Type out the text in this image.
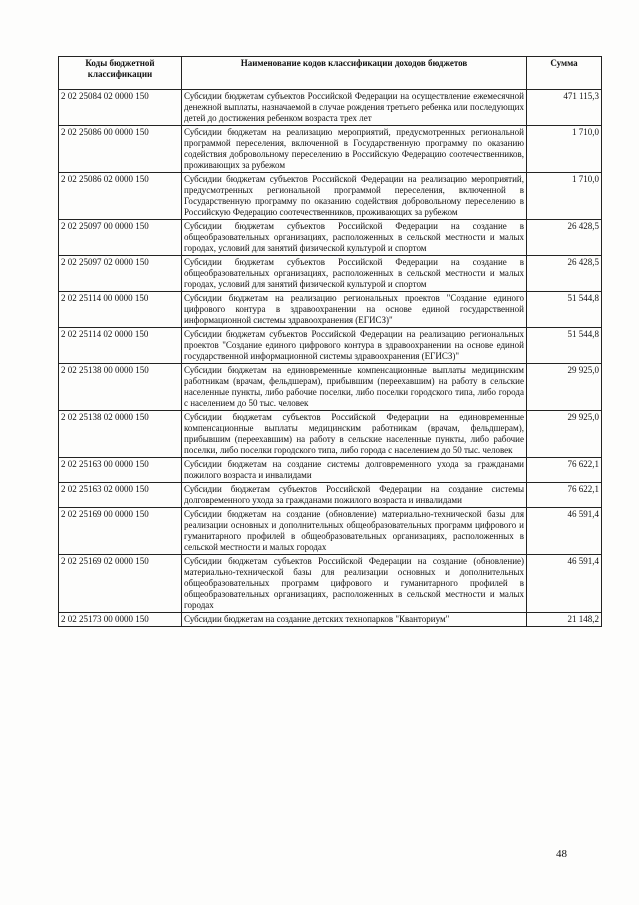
Коды бюджетной классификации	Наименование кодов классификации доходов бюджетов	Сумма
2 02 25084 02 0000 150	Субсидии бюджетам субъектов Российской Федерации на осуществление ежемесячной денежной выплаты, назначаемой в случае рождения третьего ребенка или последующих детей до достижения ребенком возраста трех лет	471 115,3
2 02 25086 00 0000 150	Субсидии бюджетам на реализацию мероприятий, предусмотренных региональной программой переселения, включенной в Государственную программу по оказанию содействия добровольному переселению в Российскую Федерацию соотечественников, проживающих за рубежом	1 710,0
2 02 25086 02 0000 150	Субсидии бюджетам субъектов Российской Федерации на реализацию мероприятий, предусмотренных региональной программой переселения, включенной в Государственную программу по оказанию содействия добровольному переселению в Российскую Федерацию соотечественников, проживающих за рубежом	1 710,0
2 02 25097 00 0000 150	Субсидии бюджетам субъектов Российской Федерации на создание в общеобразовательных организациях, расположенных в сельской местности и малых городах, условий для занятий физической культурой и спортом	26 428,5
2 02 25097 02 0000 150	Субсидии бюджетам субъектов Российской Федерации на создание в общеобразовательных организациях, расположенных в сельской местности и малых городах, условий для занятий физической культурой и спортом	26 428,5
2 02 25114 00 0000 150	Субсидии бюджетам на реализацию региональных проектов "Создание единого цифрового контура в здравоохранении на основе единой государственной информационной системы здравоохранения (ЕГИСЗ)"	51 544,8
2 02 25114 02 0000 150	Субсидии бюджетам субъектов Российской Федерации на реализацию региональных проектов "Создание единого цифрового контура в здравоохранении на основе единой государственной информационной системы здравоохранения (ЕГИСЗ)"	51 544,8
2 02 25138 00 0000 150	Субсидии бюджетам на единовременные компенсационные выплаты медицинским работникам (врачам, фельдшерам), прибывшим (переехавшим) на работу в сельские населенные пункты, либо рабочие поселки, либо поселки городского типа, либо города с населением до 50 тыс. человек	29 925,0
2 02 25138 02 0000 150	Субсидии бюджетам субъектов Российской Федерации на единовременные компенсационные выплаты медицинским работникам (врачам, фельдшерам), прибывшим (переехавшим) на работу в сельские населенные пункты, либо рабочие поселки, либо поселки городского типа, либо города с населением до 50 тыс. человек	29 925,0
2 02 25163 00 0000 150	Субсидии бюджетам на создание системы долговременного ухода за гражданами пожилого возраста и инвалидами	76 622,1
2 02 25163 02 0000 150	Субсидии бюджетам субъектов Российской Федерации на создание системы долговременного ухода за гражданами пожилого возраста и инвалидами	76 622,1
2 02 25169 00 0000 150	Субсидии бюджетам на создание (обновление) материально-технической базы для реализации основных и дополнительных общеобразовательных программ цифрового и гуманитарного профилей в общеобразовательных организациях, расположенных в сельской местности и малых городах	46 591,4
2 02 25169 02 0000 150	Субсидии бюджетам субъектов Российской Федерации на создание (обновление) материально-технической базы для реализации основных и дополнительных общеобразовательных программ цифрового и гуманитарного профилей в общеобразовательных организациях, расположенных в сельской местности и малых городах	46 591,4
2 02 25173 00 0000 150	Субсидии бюджетам на создание детских технопарков "Кванториум"	21 148,2
48
